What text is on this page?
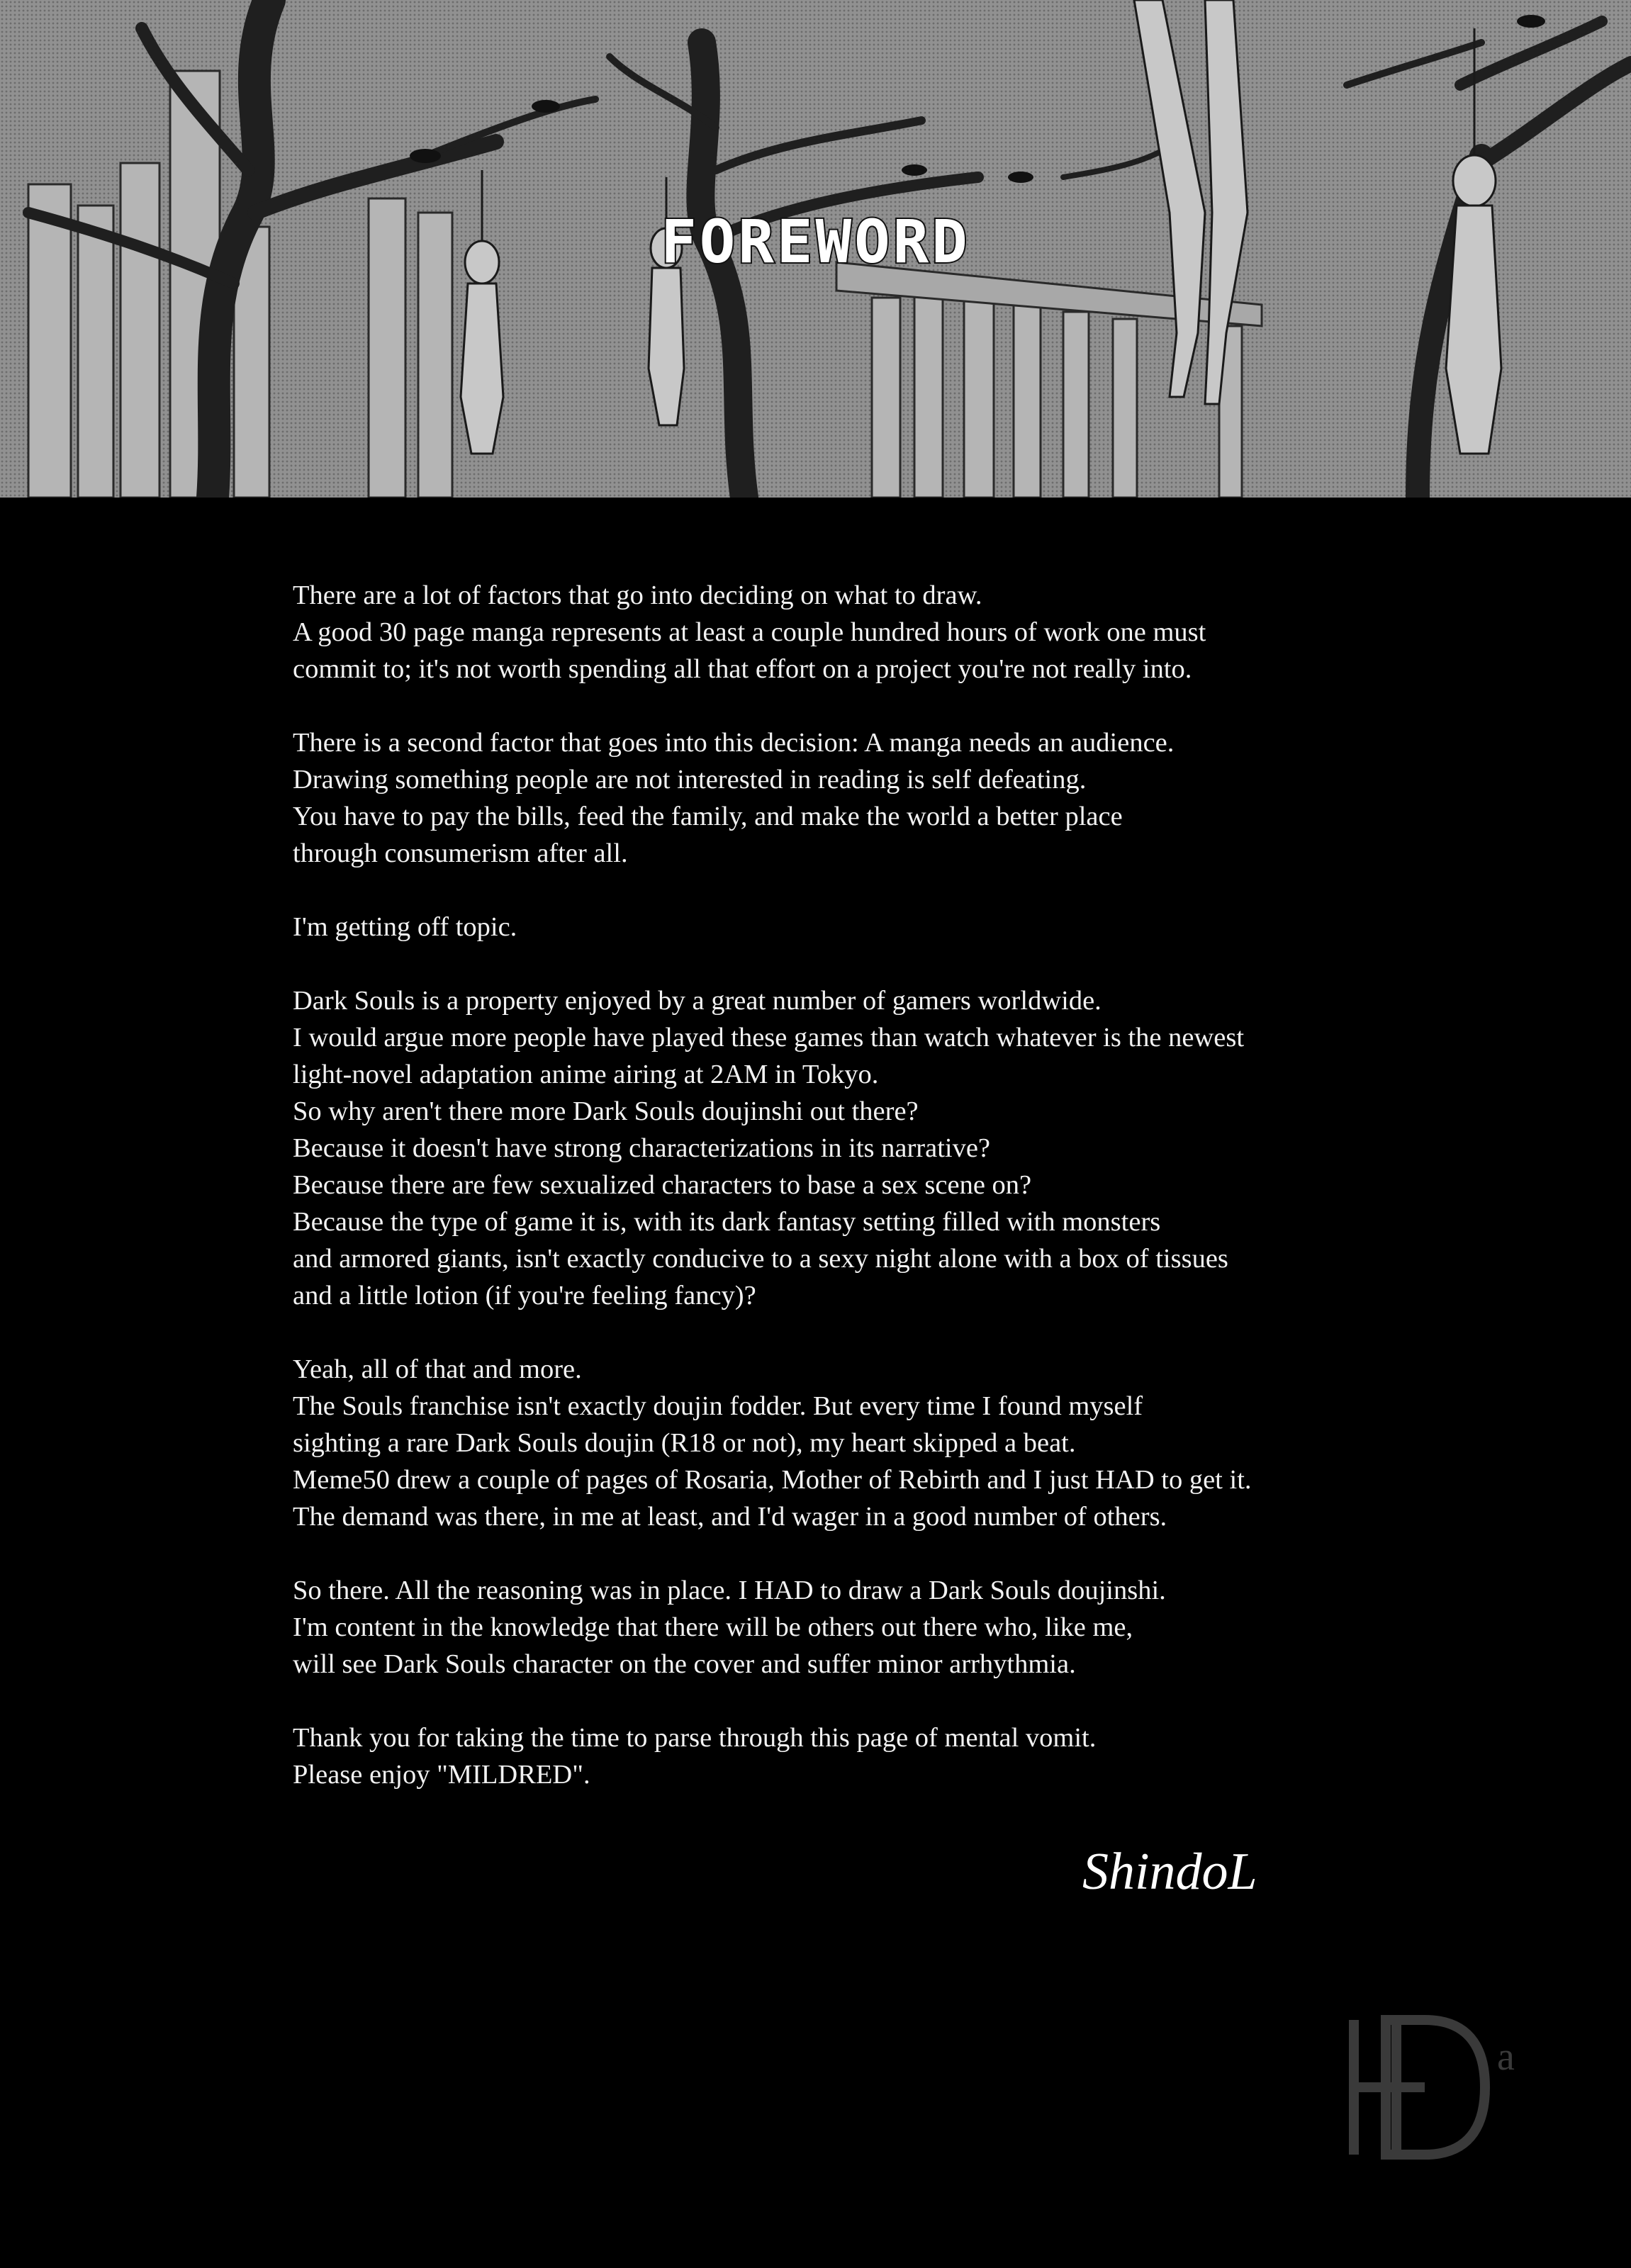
FOREWORD
There are a lot of factors that go into deciding on what to draw.
A good 30 page manga represents at least a couple hundred hours of work one must
commit to; it's not worth spending all that effort on a project you're not really into.
There is a second factor that goes into this decision: A manga needs an audience.
Drawing something people are not interested in reading is self defeating.
You have to pay the bills, feed the family, and make the world a better place
through consumerism after all.
I'm getting off topic.
Dark Souls is a property enjoyed by a great number of gamers worldwide.
I would argue more people have played these games than watch whatever is the newest
light-novel adaptation anime airing at 2AM in Tokyo.
So why aren't there more Dark Souls doujinshi out there?
Because it doesn't have strong characterizations in its narrative?
Because there are few sexualized characters to base a sex scene on?
Because the type of game it is, with its dark fantasy setting filled with monsters
and armored giants, isn't exactly conducive to a sexy night alone with a box of tissues
and a little lotion (if you're feeling fancy)?
Yeah, all of that and more.
The Souls franchise isn't exactly doujin fodder. But every time I found myself
sighting a rare Dark Souls doujin (R18 or not), my heart skipped a beat.
Meme50 drew a couple of pages of Rosaria, Mother of Rebirth and I just HAD to get it.
The demand was there, in me at least, and I'd wager in a good number of others.
So there. All the reasoning was in place. I HAD to draw a Dark Souls doujinshi.
I'm content in the knowledge that there will be others out there who, like me,
will see Dark Souls character on the cover and suffer minor arrhythmia.
Thank you for taking the time to parse through this page of mental vomit.
Please enjoy "MILDRED".
ShindoL
a
